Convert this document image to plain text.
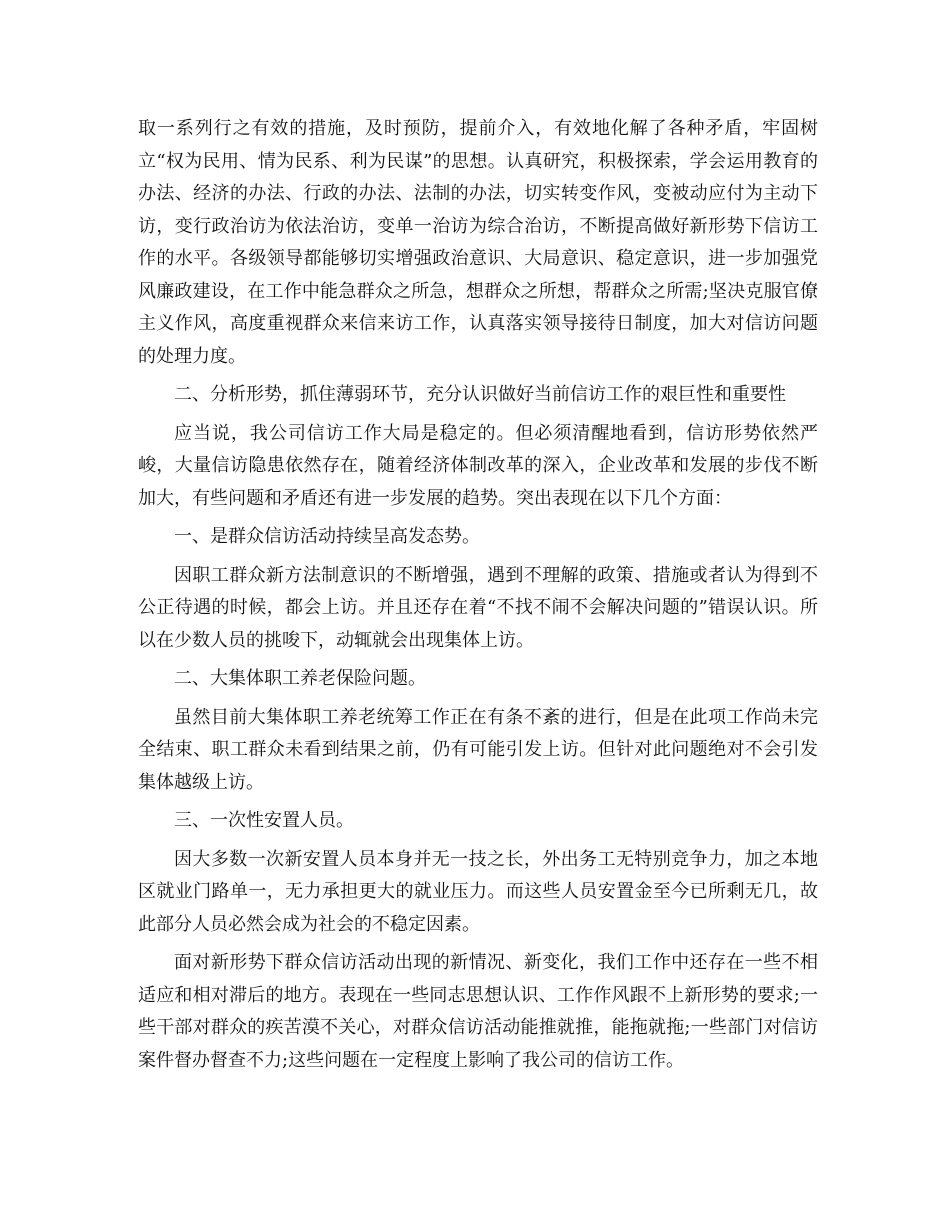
取一系列行之有效的措施，及时预防，提前介入，有效地化解了各种矛盾，牢固树立“权为民用、情为民系、利为民谋”的思想。认真研究，积极探索，学会运用教育的办法、经济的办法、行政的办法、法制的办法，切实转变作风，变被动应付为主动下访，变行政治访为依法治访，变单一治访为综合治访，不断提高做好新形势下信访工作的水平。各级领导都能够切实增强政治意识、大局意识、稳定意识，进一步加强党风廉政建设，在工作中能急群众之所急，想群众之所想，帮群众之所需;坚决克服官僚主义作风，高度重视群众来信来访工作，认真落实领导接待日制度，加大对信访问题的处理力度。

二、分析形势，抓住薄弱环节，充分认识做好当前信访工作的艰巨性和重要性

应当说，我公司信访工作大局是稳定的。但必须清醒地看到，信访形势依然严峻，大量信访隐患依然存在，随着经济体制改革的深入，企业改革和发展的步伐不断加大，有些问题和矛盾还有进一步发展的趋势。突出表现在以下几个方面：

一、是群众信访活动持续呈高发态势。

因职工群众新方法制意识的不断增强，遇到不理解的政策、措施或者认为得到不公正待遇的时候，都会上访。并且还存在着“不找不闹不会解决问题的”错误认识。所以在少数人员的挑唆下，动辄就会出现集体上访。

二、大集体职工养老保险问题。

虽然目前大集体职工养老统筹工作正在有条不紊的进行，但是在此项工作尚未完全结束、职工群众未看到结果之前，仍有可能引发上访。但针对此问题绝对不会引发集体越级上访。

三、一次性安置人员。

因大多数一次新安置人员本身并无一技之长，外出务工无特别竞争力，加之本地区就业门路单一，无力承担更大的就业压力。而这些人员安置金至今已所剩无几，故此部分人员必然会成为社会的不稳定因素。

面对新形势下群众信访活动出现的新情况、新变化，我们工作中还存在一些不相适应和相对滞后的地方。表现在一些同志思想认识、工作作风跟不上新形势的要求;一些干部对群众的疾苦漠不关心，对群众信访活动能推就推，能拖就拖;一些部门对信访案件督办督查不力;这些问题在一定程度上影响了我公司的信访工作。
